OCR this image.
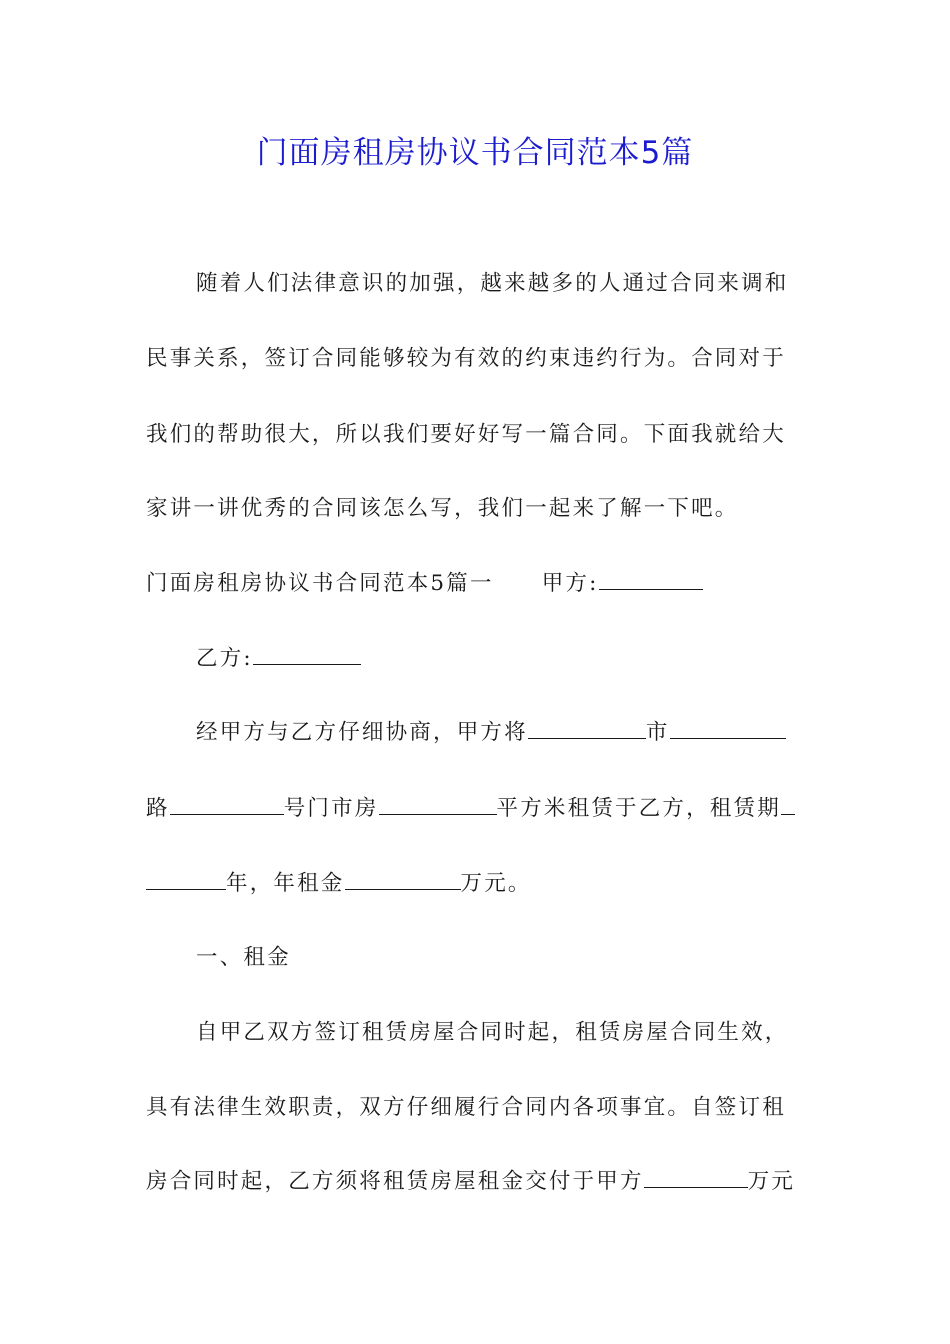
门面房租房协议书合同范本5篇
随着人们法律意识的加强，越来越多的人通过合同来调和
民事关系，签订合同能够较为有效的约束违约行为。合同对于
我们的帮助很大，所以我们要好好写一篇合同。下面我就给大
家讲一讲优秀的合同该怎么写，我们一起来了解一下吧。
门面房租房协议书合同范本5篇一 甲方:
乙方:
经甲方与乙方仔细协商，甲方将	市
路	号门市房	平方米租赁于乙方，租赁期
年，年租金	万元。
一、租金
自甲乙双方签订租赁房屋合同时起，租赁房屋合同生效，
具有法律生效职责，双方仔细履行合同内各项事宜。自签订租
房合同时起，乙方须将租赁房屋租金交付于甲方	万元
